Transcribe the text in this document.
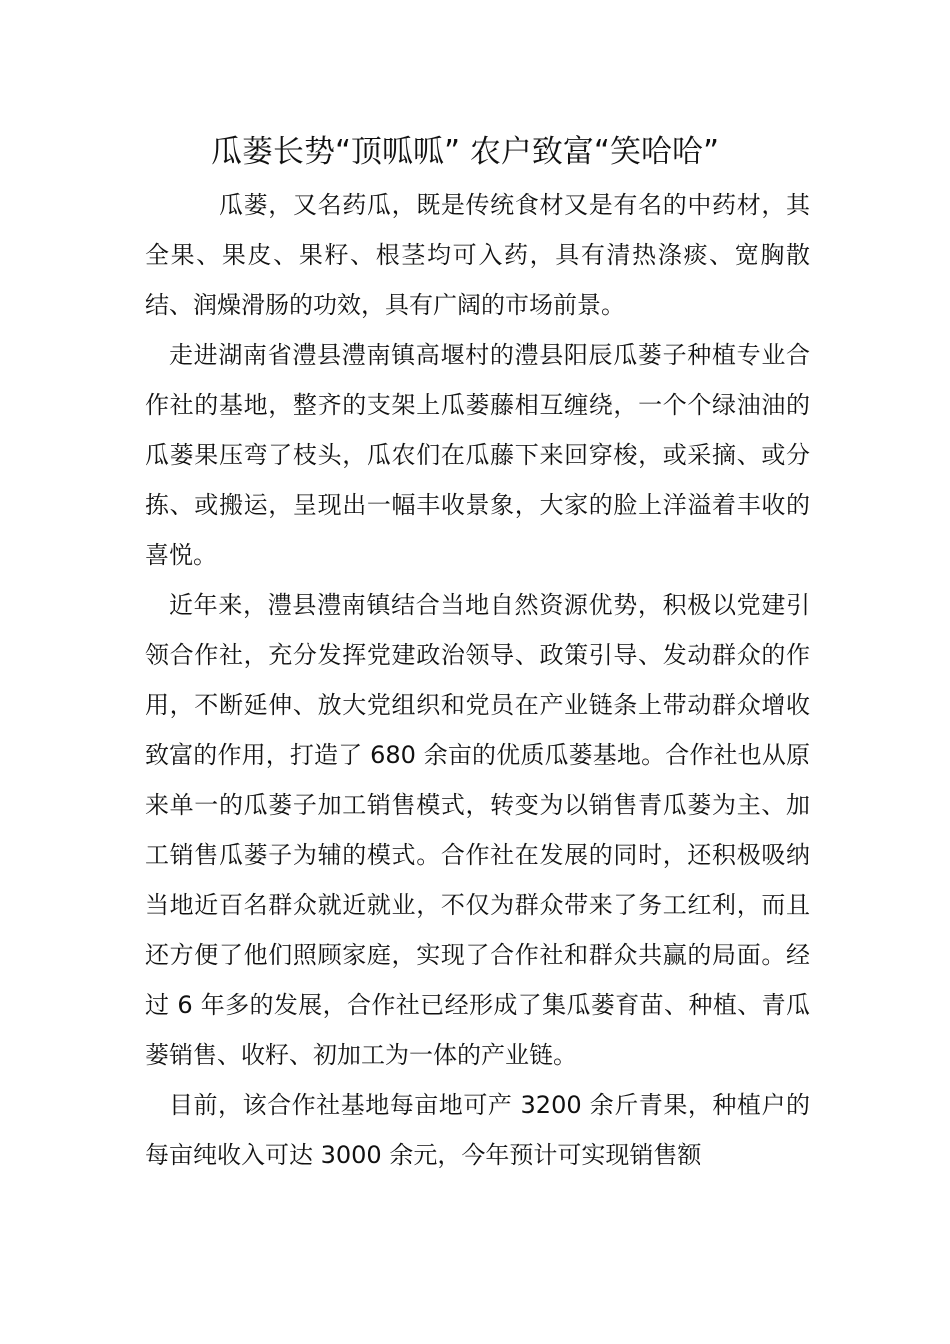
瓜蒌长势“顶呱呱” 农户致富“笑哈哈”

瓜蒌，又名药瓜，既是传统食材又是有名的中药材，其全果、果皮、果籽、根茎均可入药，具有清热涤痰、宽胸散结、润燥滑肠的功效，具有广阔的市场前景。

走进湖南省澧县澧南镇高堰村的澧县阳辰瓜蒌子种植专业合作社的基地，整齐的支架上瓜蒌藤相互缠绕，一个个绿油油的瓜蒌果压弯了枝头，瓜农们在瓜藤下来回穿梭，或采摘、或分拣、或搬运，呈现出一幅丰收景象，大家的脸上洋溢着丰收的喜悦。

近年来，澧县澧南镇结合当地自然资源优势，积极以党建引领合作社，充分发挥党建政治领导、政策引导、发动群众的作用，不断延伸、放大党组织和党员在产业链条上带动群众增收致富的作用，打造了 680 余亩的优质瓜蒌基地。合作社也从原来单一的瓜蒌子加工销售模式，转变为以销售青瓜蒌为主、加工销售瓜蒌子为辅的模式。合作社在发展的同时，还积极吸纳当地近百名群众就近就业，不仅为群众带来了务工红利，而且还方便了他们照顾家庭，实现了合作社和群众共赢的局面。经过 6 年多的发展，合作社已经形成了集瓜蒌育苗、种植、青瓜蒌销售、收籽、初加工为一体的产业链。

目前，该合作社基地每亩地可产 3200 余斤青果，种植户的每亩纯收入可达 3000 余元，今年预计可实现销售额
